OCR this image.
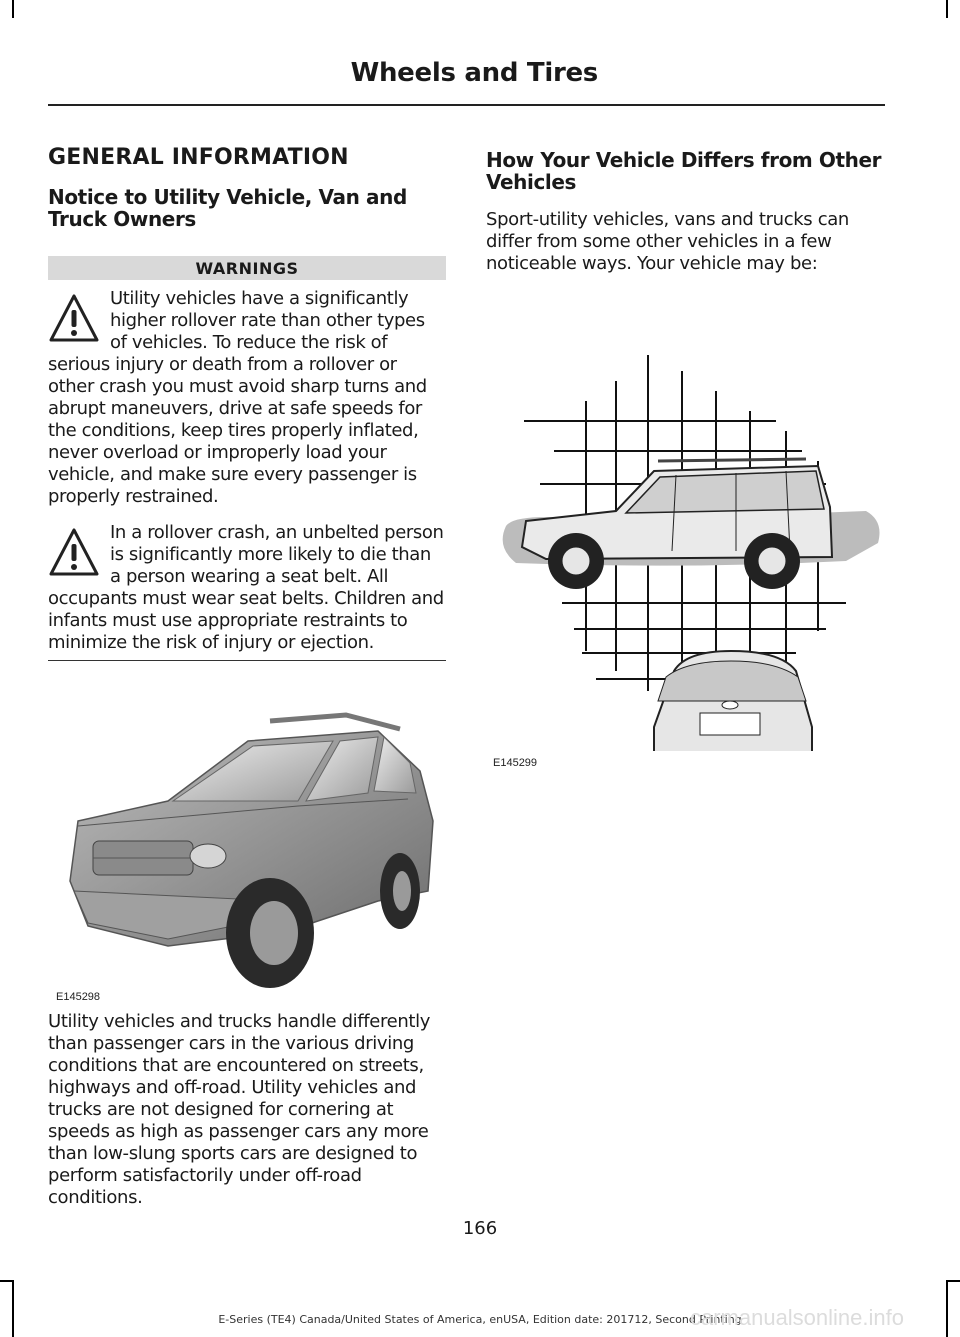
Wheels and Tires
GENERAL INFORMATION
Notice to Utility Vehicle, Van and Truck Owners
WARNINGS
Utility vehicles have a significantly higher rollover rate than other types of vehicles. To reduce the risk of serious injury or death from a rollover or other crash you must avoid sharp turns and abrupt maneuvers, drive at safe speeds for the conditions, keep tires properly inflated, never overload or improperly load your vehicle, and make sure every passenger is properly restrained.
In a rollover crash, an unbelted person is significantly more likely to die than a person wearing a seat belt. All occupants must wear seat belts. Children and infants must use appropriate restraints to minimize the risk of injury or ejection.
E145298

Utility vehicles and trucks handle differently than passenger cars in the various driving conditions that are encountered on streets, highways and off-road. Utility vehicles and trucks are not designed for cornering at speeds as high as passenger cars any more than low-slung sports cars are designed to perform satisfactorily under off-road conditions.

How Your Vehicle Differs from Other Vehicles

Sport-utility vehicles, vans and trucks can differ from some other vehicles in a few noticeable ways. Your vehicle may be:

E145299
166
E-Series (TE4) Canada/United States of America, enUSA, Edition date: 201712, Second Printing
carmanualsonline.info
